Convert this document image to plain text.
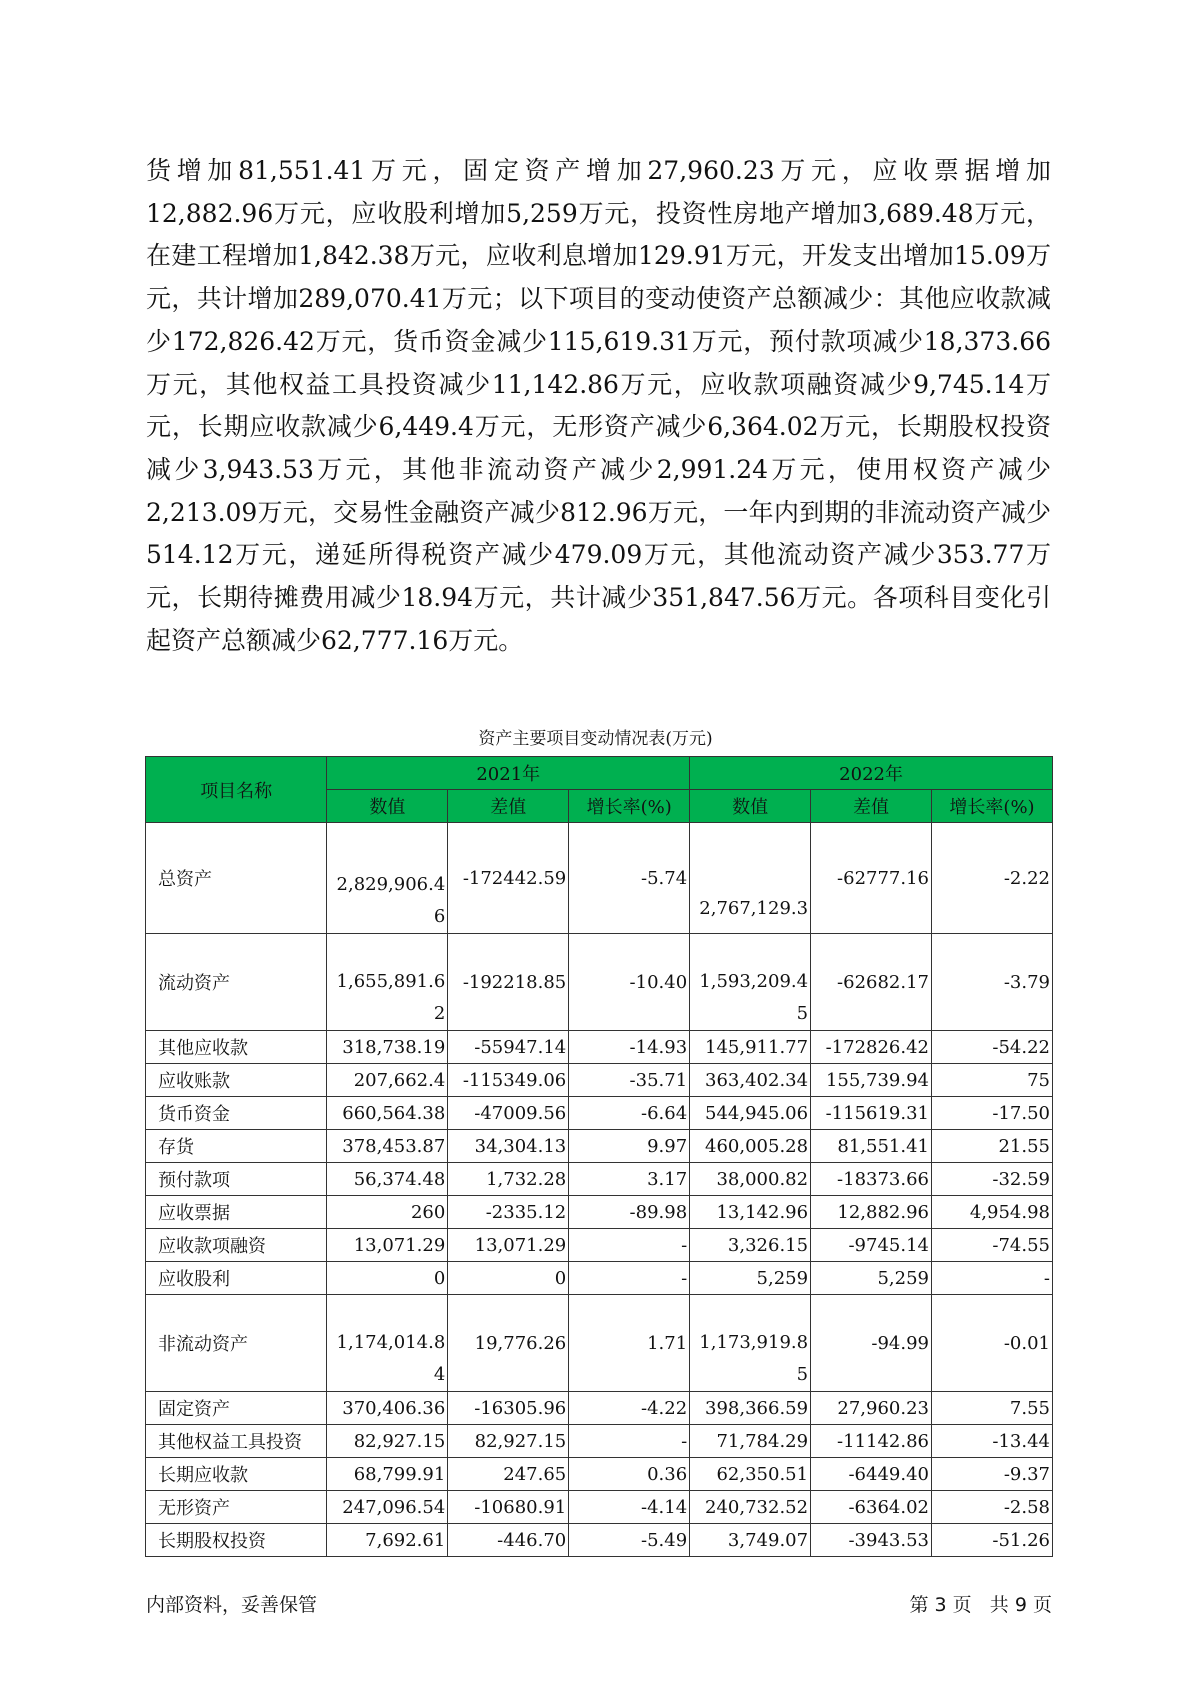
货增加81,551.41万元，固定资产增加27,960.23万元，应收票据增加12,882.96万元，应收股利增加5,259万元，投资性房地产增加3,689.48万元，在建工程增加1,842.38万元，应收利息增加129.91万元，开发支出增加15.09万元，共计增加289,070.41万元；以下项目的变动使资产总额减少：其他应收款减少172,826.42万元，货币资金减少115,619.31万元，预付款项减少18,373.66万元，其他权益工具投资减少11,142.86万元，应收款项融资减少9,745.14万元，长期应收款减少6,449.4万元，无形资产减少6,364.02万元，长期股权投资减少3,943.53万元，其他非流动资产减少2,991.24万元，使用权资产减少2,213.09万元，交易性金融资产减少812.96万元，一年内到期的非流动资产减少514.12万元，递延所得税资产减少479.09万元，其他流动资产减少353.77万元，长期待摊费用减少18.94万元，共计减少351,847.56万元。各项科目变化引起资产总额减少62,777.16万元。

资产主要项目变动情况表(万元)
项目名称	2021年			2022年		
	数值	差值	增长率(%)	数值	差值	增长率(%)
总资产	2,829,906.46	-172442.59	-5.74	2,767,129.3	-62777.16	-2.22
流动资产	1,655,891.62	-192218.85	-10.40	1,593,209.45	-62682.17	-3.79
其他应收款	318,738.19	-55947.14	-14.93	145,911.77	-172826.42	-54.22
应收账款	207,662.4	-115349.06	-35.71	363,402.34	155,739.94	75
货币资金	660,564.38	-47009.56	-6.64	544,945.06	-115619.31	-17.50
存货	378,453.87	34,304.13	9.97	460,005.28	81,551.41	21.55
预付款项	56,374.48	1,732.28	3.17	38,000.82	-18373.66	-32.59
应收票据	260	-2335.12	-89.98	13,142.96	12,882.96	4,954.98
应收款项融资	13,071.29	13,071.29	-	3,326.15	-9745.14	-74.55
应收股利	0	0	-	5,259	5,259	-
非流动资产	1,174,014.84	19,776.26	1.71	1,173,919.85	-94.99	-0.01
固定资产	370,406.36	-16305.96	-4.22	398,366.59	27,960.23	7.55
其他权益工具投资	82,927.15	82,927.15	-	71,784.29	-11142.86	-13.44
长期应收款	68,799.91	247.65	0.36	62,350.51	-6449.40	-9.37
无形资产	247,096.54	-10680.91	-4.14	240,732.52	-6364.02	-2.58
长期股权投资	7,692.61	-446.70	-5.49	3,749.07	-3943.53	-51.26
内部资料，妥善保管	第 3 页 共 9 页
